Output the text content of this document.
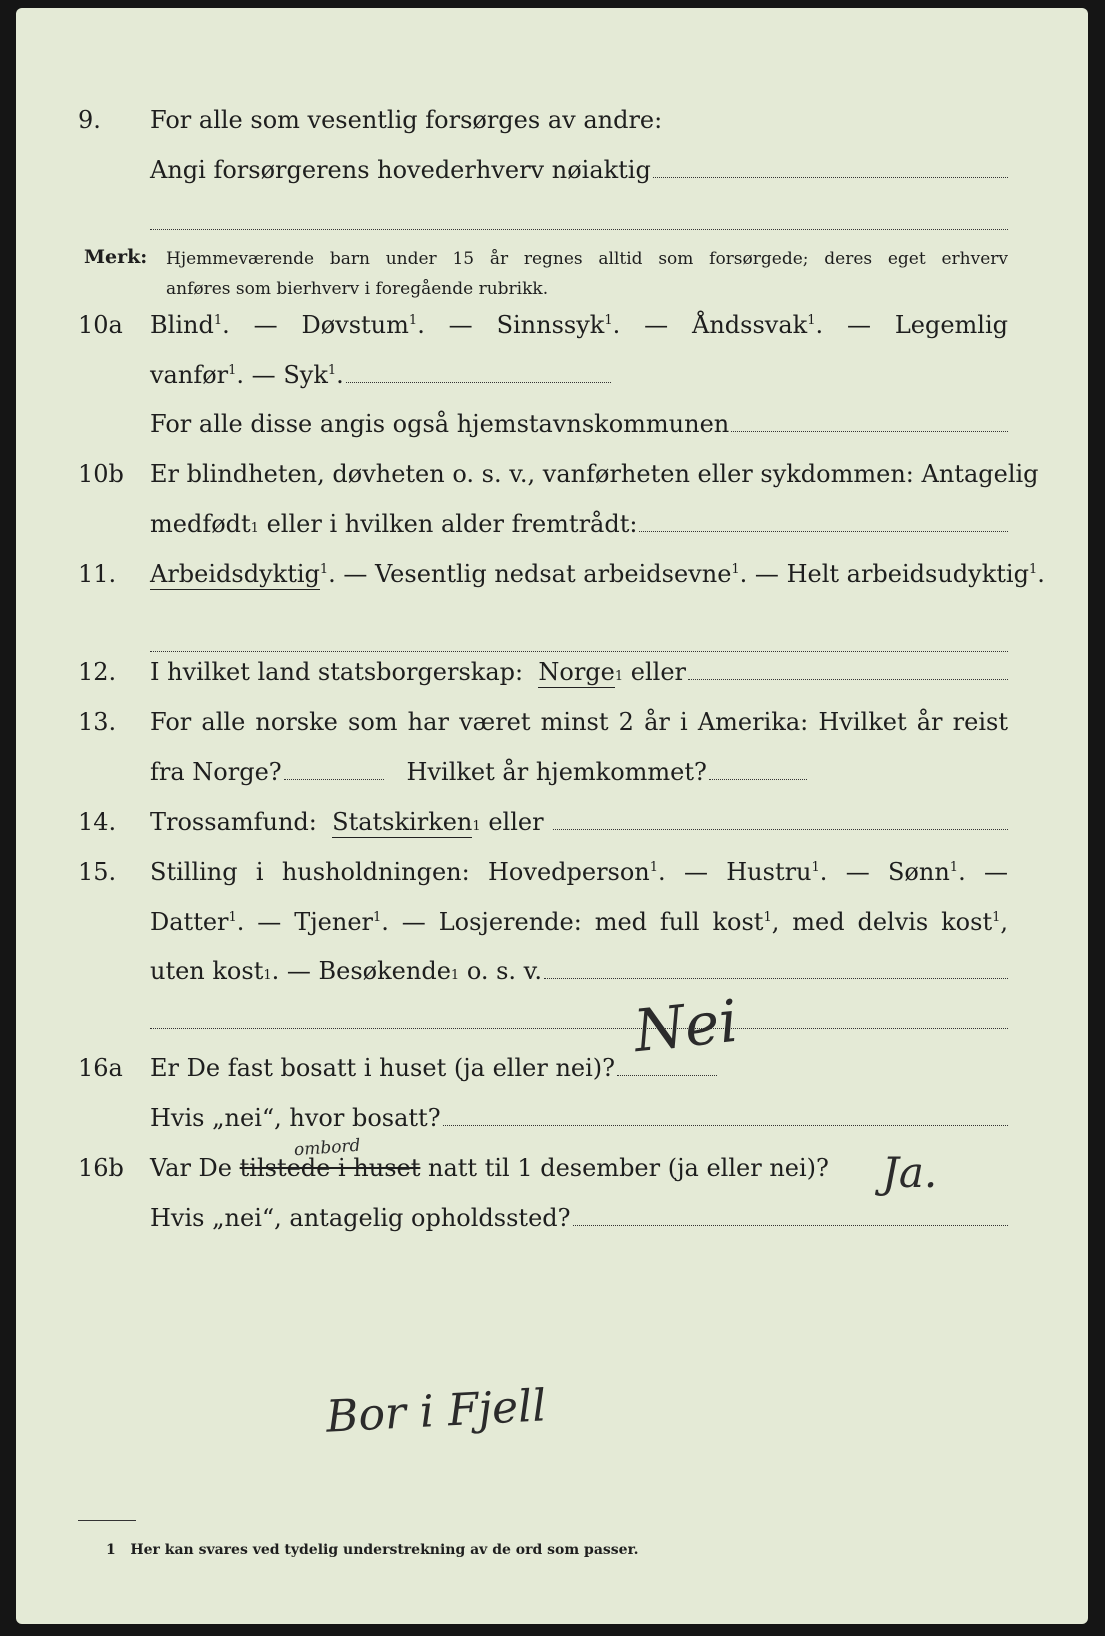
9. For alle som vesentlig forsørges av andre:
Angi forsørgerens hovederhverv nøiaktig
Merk: Hjemmeværende barn under 15 år regnes alltid som forsørgede; deres eget erhverv
anføres som bierhverv i foregående rubrikk.
10a Blind$^1$. — Døvstum$^1$. — Sinnssyk$^1$. — Åndssvak$^1$. — Legemlig
vanfør$^1$. — Syk$^1$.
For alle disse angis også hjemstavnskommunen
10b Er blindheten, døvheten o. s. v., vanførheten eller sykdommen: Antagelig
medfødt 1
eller i hvilken alder fremtrådt:
11. Arbeidsdyktig$^1$. — Vesentlig nedsat arbeidsevne$^1$. — Helt arbeidsudyktig$^1$.
12. I hvilket land statsborgerskap:
Norge 1
eller
13. For alle norske som har været minst 2 år i Amerika: Hvilket år reist
fra Norge?	Hvilket år hjemkommet?
14. Trossamfund:
Statskirken 1
eller

15. Stilling i husholdningen: Hovedperson$^1$. — Hustru$^1$. — Sønn$^1$. —
Datter$^1$. — Tjener$^1$. — Losjerende: med full kost$^1$, med delvis kost$^1$,
uten kost 1 . — Besøkende 1
o. s. v.
16a Er De fast bosatt i huset (ja eller nei)?
Hvis „nei“, hvor bosatt?
16b Var De tilstede i huset natt til 1 desember (ja eller nei)?
Hvis „nei“, antagelig opholdssted?
Nei
ombord	Ja.
Bor i Fjell
1 Her kan svares ved tydelig understrekning av de ord som passer.
